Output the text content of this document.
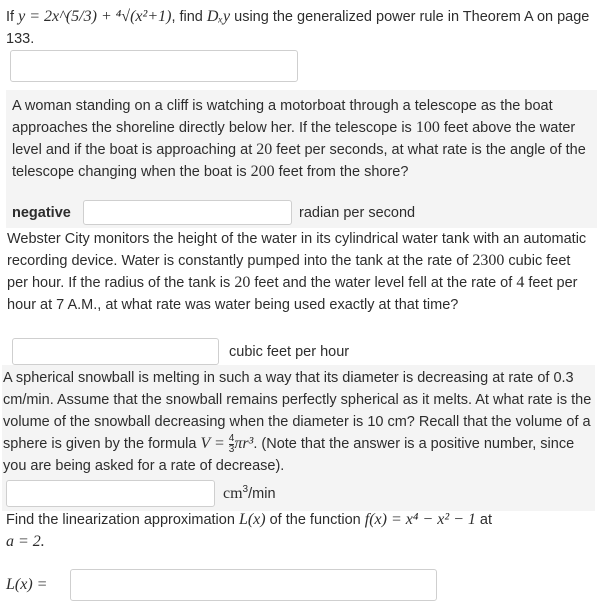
If y = 2x^(5/3) + ⁴√(x²+1), find Dₓy using the generalized power rule in Theorem A on page 133.
A woman standing on a cliff is watching a motorboat through a telescope as the boat approaches the shoreline directly below her. If the telescope is 100 feet above the water level and if the boat is approaching at 20 feet per seconds, at what rate is the angle of the telescope changing when the boat is 200 feet from the shore?
negative	radian per second
Webster City monitors the height of the water in its cylindrical water tank with an automatic recording device. Water is constantly pumped into the tank at the rate of 2300 cubic feet per hour. If the radius of the tank is 20 feet and the water level fell at the rate of 4 feet per hour at 7 A.M., at what rate was water being used exactly at that time?
cubic feet per hour
A spherical snowball is melting in such a way that its diameter is decreasing at rate of 0.3 cm/min. Assume that the snowball remains perfectly spherical as it melts. At what rate is the volume of the snowball decreasing when the diameter is 10 cm? Recall that the volume of a sphere is given by the formula $V = \frac{4}{3} \pi r^3$. (Note that the answer is a positive number, since you are being asked for a rate of decrease).
$cm^3/\min$
Find the linearization approximation L(x) of the function f(x) = x⁴ − x² − 1 at
a = 2.
L(x) =
